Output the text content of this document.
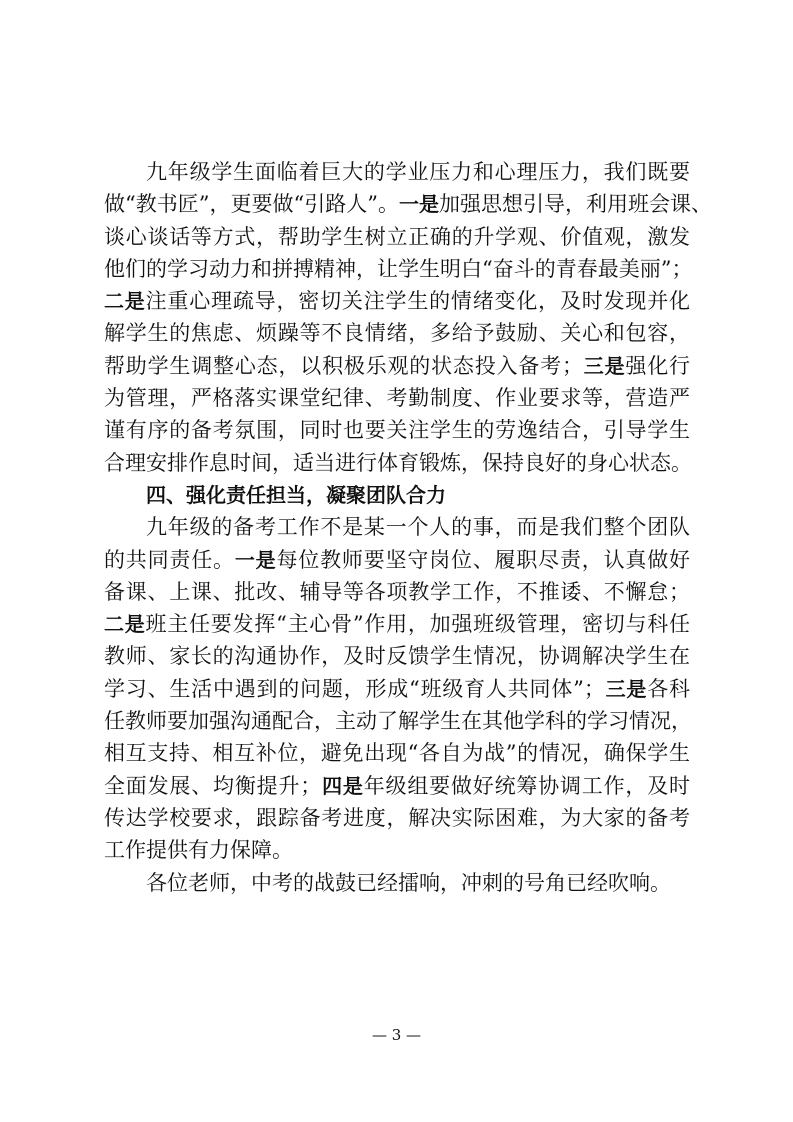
九年级学生面临着巨大的学业压力和心理压力，我们既要
做“教书匠”，更要做“引路人”。一是加强思想引导，利用班会课、
谈心谈话等方式，帮助学生树立正确的升学观、价值观，激发
他们的学习动力和拼搏精神，让学生明白“奋斗的青春最美丽”；
二是注重心理疏导，密切关注学生的情绪变化，及时发现并化
解学生的焦虑、烦躁等不良情绪，多给予鼓励、关心和包容，
帮助学生调整心态，以积极乐观的状态投入备考；三是强化行
为管理，严格落实课堂纪律、考勤制度、作业要求等，营造严
谨有序的备考氛围，同时也要关注学生的劳逸结合，引导学生
合理安排作息时间，适当进行体育锻炼，保持良好的身心状态。
四、强化责任担当，凝聚团队合力
九年级的备考工作不是某一个人的事，而是我们整个团队
的共同责任。一是每位教师要坚守岗位、履职尽责，认真做好
备课、上课、批改、辅导等各项教学工作，不推诿、不懈怠；
二是班主任要发挥“主心骨”作用，加强班级管理，密切与科任
教师、家长的沟通协作，及时反馈学生情况，协调解决学生在
学习、生活中遇到的问题，形成“班级育人共同体”；三是各科
任教师要加强沟通配合，主动了解学生在其他学科的学习情况，
相互支持、相互补位，避免出现“各自为战”的情况，确保学生
全面发展、均衡提升；四是年级组要做好统筹协调工作，及时
传达学校要求，跟踪备考进度，解决实际困难，为大家的备考
工作提供有力保障。
各位老师，中考的战鼓已经擂响，冲刺的号角已经吹响。
— 3 —
